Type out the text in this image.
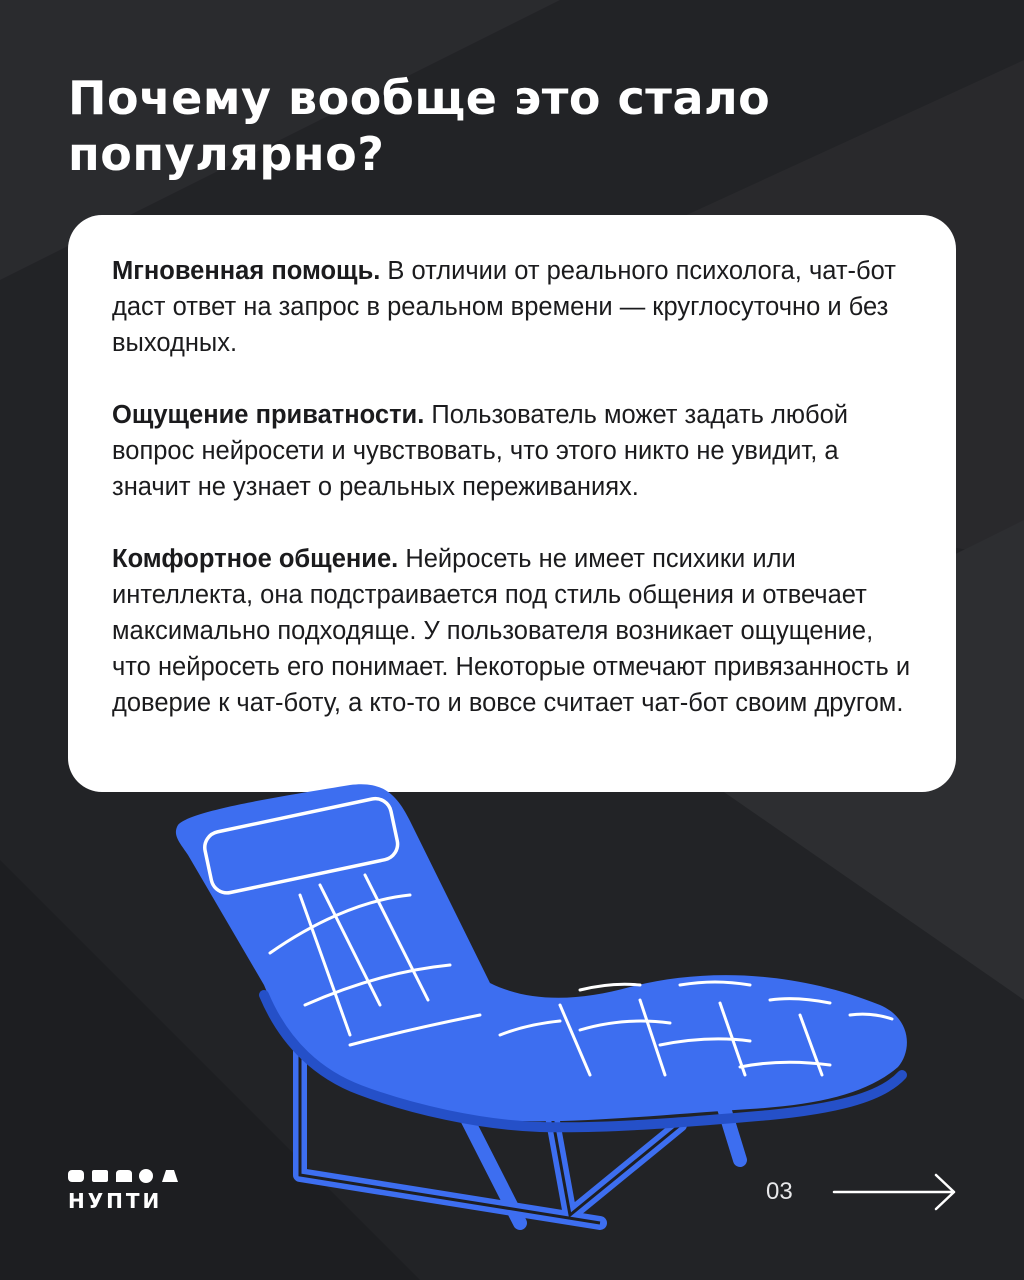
Почему вообще это стало популярно?

Мгновенная помощь. В отличии от реального психолога, чат-бот даст ответ на запрос в реальном времени — круглосуточно и без выходных.

Ощущение приватности. Пользователь может задать любой вопрос нейросети и чувствовать, что этого никто не увидит, а значит не узнает о реальных переживаниях.

Комфортное общение. Нейросеть не имеет психики или интеллекта, она подстраивается под стиль общения и отвечает максимально подходяще. У пользователя возникает ощущение, что нейросеть его понимает. Некоторые отмечают привязанность и доверие к чат-боту, а кто-то и вовсе считает чат-бот своим другом.

НУПТИ	03
